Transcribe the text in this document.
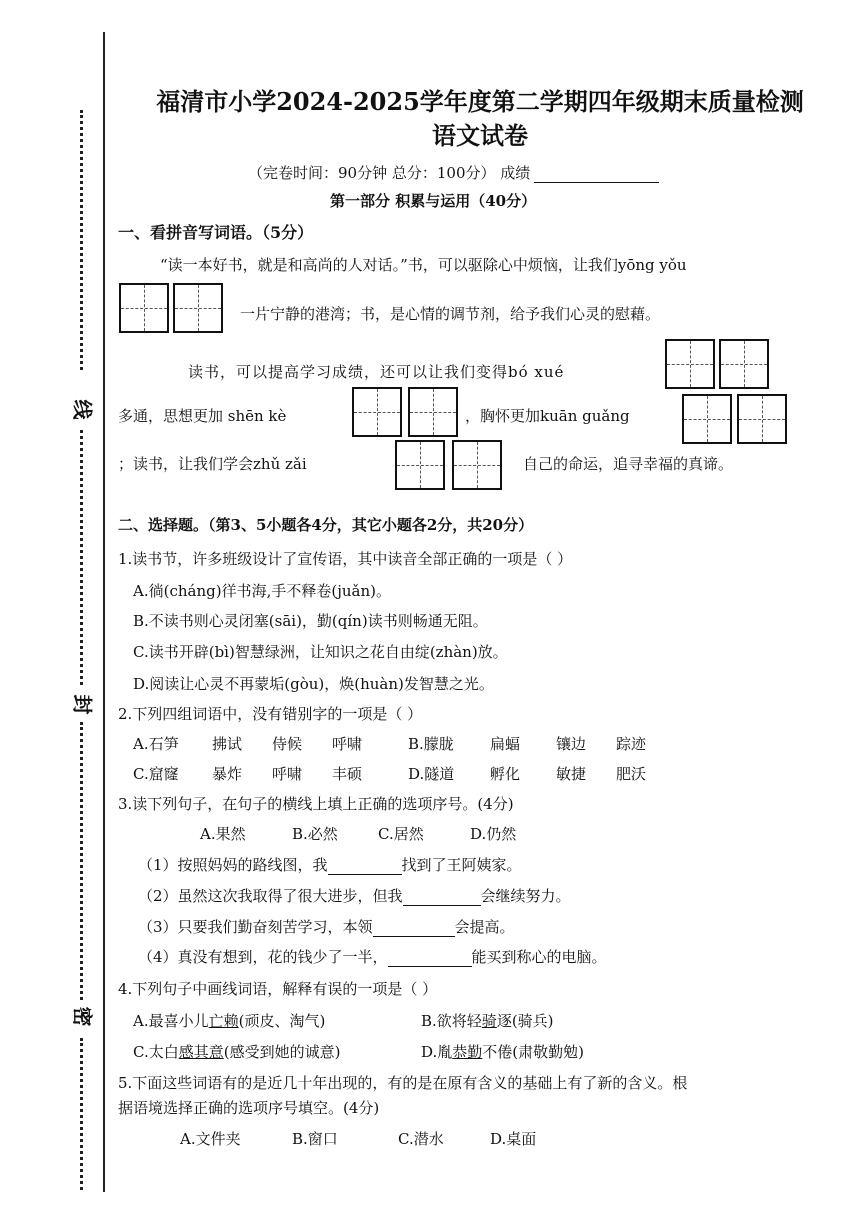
线
封
密
福清市小学2024-2025学年度第二学期四年级期末质量检测
语文试卷
（完卷时间：90分钟 总分：100分） 成绩
第一部分 积累与运用（40分）
一、看拼音写词语。（5分）
“读一本好书，就是和高尚的人对话。”书，可以驱除心中烦恼，让我们yōng yǒu
一片宁静的港湾；书，是心情的调节剂，给予我们心灵的慰藉。
读书，可以提高学习成绩，还可以让我们变得bó xué
多通，思想更加 shēn kè	，胸怀更加kuān guǎng
；读书，让我们学会zhǔ zǎi	自己的命运，追寻幸福的真谛。
二、选择题。（第3、5小题各4分，其它小题各2分，共20分）
1.读书节，许多班级设计了宣传语，其中读音全部正确的一项是（ ）
A.徜(cháng)徉书海,手不释卷(juǎn)。
B.不读书则心灵闭塞(sāi)，勤(qín)读书则畅通无阻。
C.读书开辟(bì)智慧绿洲，让知识之花自由绽(zhàn)放。
D.阅读让心灵不再蒙垢(gòu)，焕(huàn)发智慧之光。
2.下列四组词语中，没有错别字的一项是（ ）
A.石笋 拂试 侍候 呼啸	B.朦胧 扁蝠 镶边 踪迹
C.窟窿 暴炸 呼啸 丰硕	D.隧道 孵化 敏捷 肥沃
3.读下列句子，在句子的横线上填上正确的选项序号。(4分)
A.果然	B.必然	C.居然	D.仍然
（1）按照妈妈的路线图，我	找到了王阿姨家。
（2）虽然这次我取得了很大进步，但我	会继续努力。
（3）只要我们勤奋刻苦学习，本领	会提高。
（4）真没有想到，花的钱少了一半，	能买到称心的电脑。
4.下列句子中画线词语，解释有误的一项是（ ）
A.最喜小儿亡赖(顽皮、淘气)	B.欲将轻骑逐(骑兵)
C.太白感其意(感受到她的诚意)	D.胤恭勤不倦(肃敬勤勉)
5.下面这些词语有的是近几十年出现的，有的是在原有含义的基础上有了新的含义。根
据语境选择正确的选项序号填空。(4分)
A.文件夹	B.窗口	C.潜水	D.桌面
